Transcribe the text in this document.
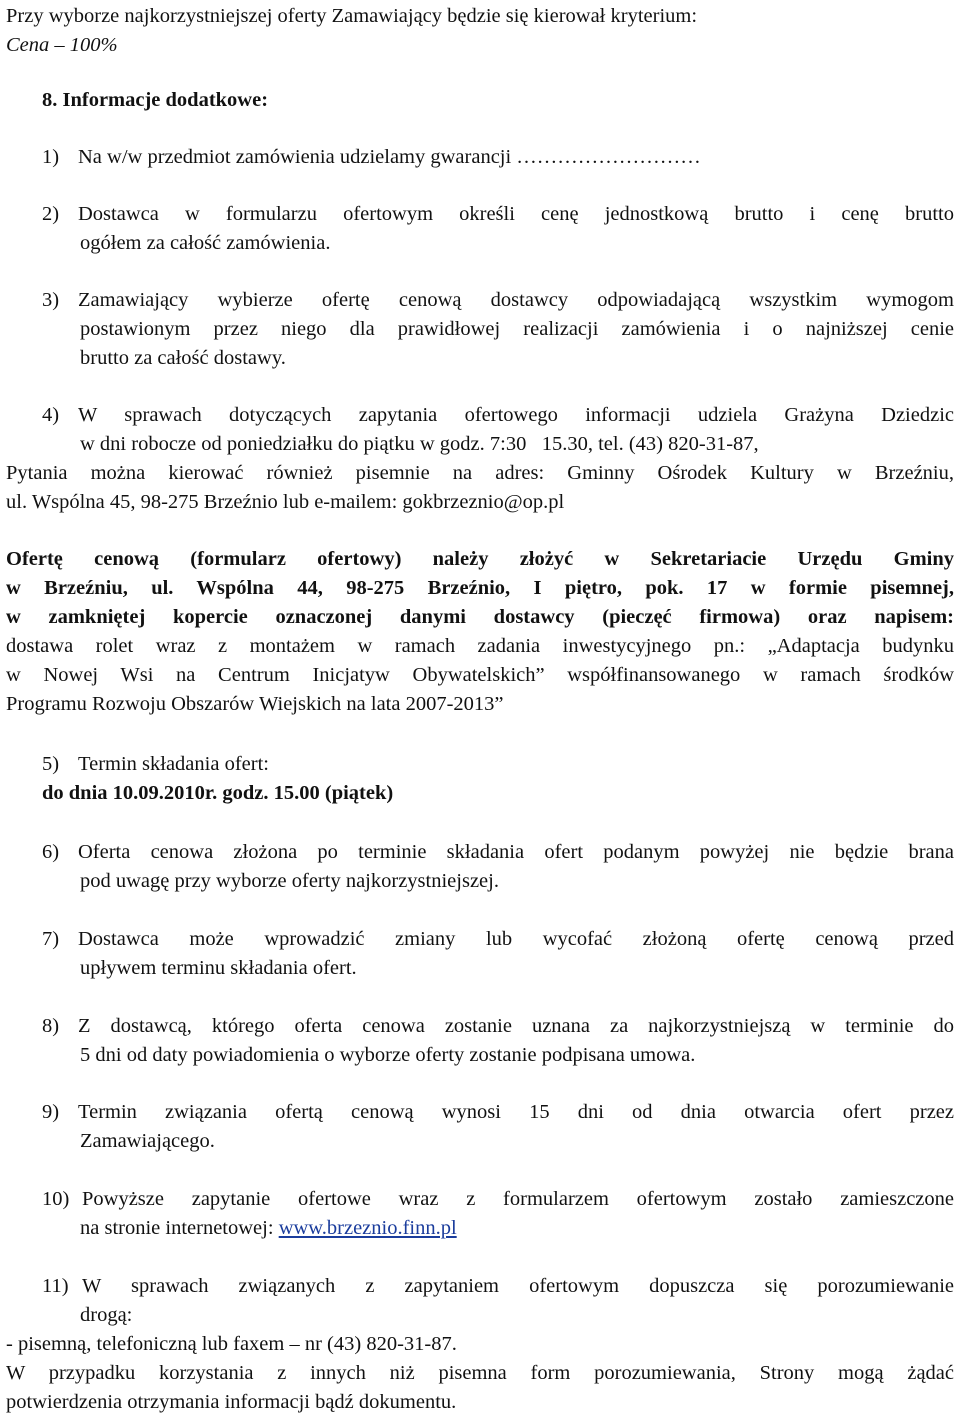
Przy wyborze najkorzystniejszej oferty Zamawiający będzie się kierował kryterium:
Cena – 100%
8. Informacje dodatkowe:
1) Na w/w przedmiot zamówienia udzielamy gwarancji ………………………
2) Dostawca w formularzu ofertowym określi cenę jednostkową brutto i cenę brutto
ogółem za całość zamówienia.
3) Zamawiający wybierze ofertę cenową dostawcy odpowiadającą wszystkim wymogom
postawionym przez niego dla prawidłowej realizacji zamówienia i o najniższej cenie
brutto za całość dostawy.
4) W sprawach dotyczących zapytania ofertowego informacji udziela Grażyna Dziedzic
w dni robocze od poniedziałku do piątku w godz. 7:30   15.30, tel. (43) 820-31-87,
Pytania można kierować również pisemnie na adres: Gminny Ośrodek Kultury w Brzeźniu,
ul. Wspólna 45, 98-275 Brzeźnio lub e-mailem: gokbrzeznio@op.pl
Ofertę cenową (formularz ofertowy) należy złożyć w Sekretariacie Urzędu Gminy
w Brzeźniu, ul. Wspólna 44, 98-275 Brzeźnio, I piętro, pok. 17 w formie pisemnej,
w zamkniętej kopercie oznaczonej danymi dostawcy (pieczęć firmowa) oraz napisem:
dostawa rolet wraz z montażem w ramach zadania inwestycyjnego pn.: „Adaptacja budynku
w Nowej Wsi na Centrum Inicjatyw Obywatelskich” współfinansowanego w ramach środków
Programu Rozwoju Obszarów Wiejskich na lata 2007-2013”
5) Termin składania ofert:
do dnia 10.09.2010r. godz. 15.00 (piątek)
6) Oferta cenowa złożona po terminie składania ofert podanym powyżej nie będzie brana
pod uwagę przy wyborze oferty najkorzystniejszej.
7) Dostawca może wprowadzić zmiany lub wycofać złożoną ofertę cenową przed
upływem terminu składania ofert.
8) Z dostawcą, którego oferta cenowa zostanie uznana za najkorzystniejszą w terminie do
5 dni od daty powiadomienia o wyborze oferty zostanie podpisana umowa.
9) Termin związania ofertą cenową wynosi 15 dni od dnia otwarcia ofert przez
Zamawiającego.
10) Powyższe zapytanie ofertowe wraz z formularzem ofertowym zostało zamieszczone
na stronie internetowej: www.brzeznio.finn.pl
11) W sprawach związanych z zapytaniem ofertowym dopuszcza się porozumiewanie
drogą:
- pisemną, telefoniczną lub faxem – nr (43) 820-31-87.
W przypadku korzystania z innych niż pisemna form porozumiewania, Strony mogą żądać
potwierdzenia otrzymania informacji bądź dokumentu.
